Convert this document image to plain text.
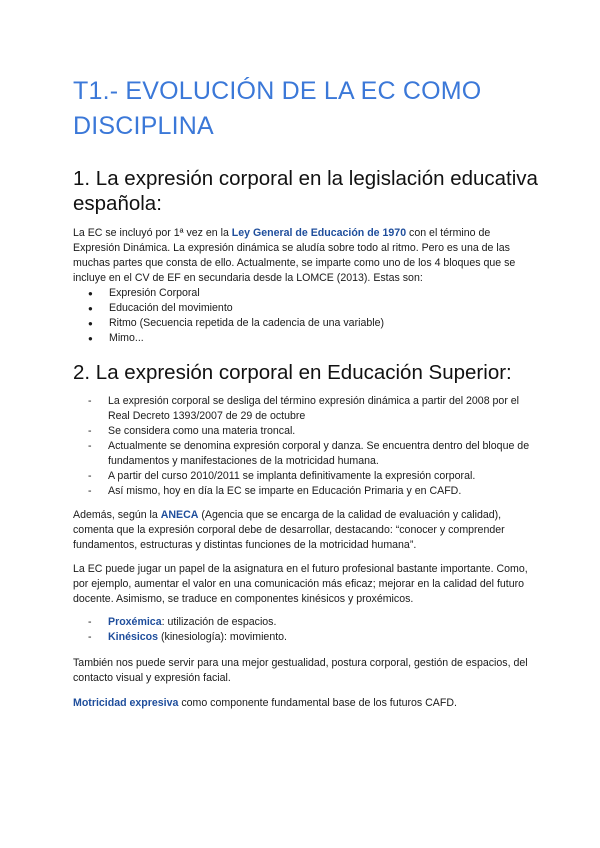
T1.- EVOLUCIÓN DE LA EC COMO DISCIPLINA
1. La expresión corporal en la legislación educativa española:

La EC se incluyó por 1ª vez en la Ley General de Educación de 1970 con el término de Expresión Dinámica. La expresión dinámica se aludía sobre todo al ritmo. Pero es una de las muchas partes que consta de ello. Actualmente, se imparte como uno de los 4 bloques que se incluye en el CV de EF en secundaria desde la LOMCE (2013). Estas son:

● Expresión Corporal
● Educación del movimiento
● Ritmo (Secuencia repetida de la cadencia de una variable)
● Mimo...
2. La expresión corporal en Educación Superior:
- La expresión corporal se desliga del término expresión dinámica a partir del 2008 por el Real Decreto 1393/2007 de 29 de octubre
- Se considera como una materia troncal.
- Actualmente se denomina expresión corporal y danza. Se encuentra dentro del bloque de fundamentos y manifestaciones de la motricidad humana.
- A partir del curso 2010/2011 se implanta definitivamente la expresión corporal.
- Así mismo, hoy en día la EC se imparte en Educación Primaria y en CAFD.

Además, según la ANECA (Agencia que se encarga de la calidad de evaluación y calidad), comenta que la expresión corporal debe de desarrollar, destacando: “conocer y comprender fundamentos, estructuras y distintas funciones de la motricidad humana”.

La EC puede jugar un papel de la asignatura en el futuro profesional bastante importante. Como, por ejemplo, aumentar el valor en una comunicación más eficaz; mejorar en la calidad del futuro docente. Asimismo, se traduce en componentes kinésicos y proxémicos.

- Proxémica: utilización de espacios.
- Kinésicos (kinesiología): movimiento.

También nos puede servir para una mejor gestualidad, postura corporal, gestión de espacios, del contacto visual y expresión facial.

Motricidad expresiva como componente fundamental base de los futuros CAFD.
